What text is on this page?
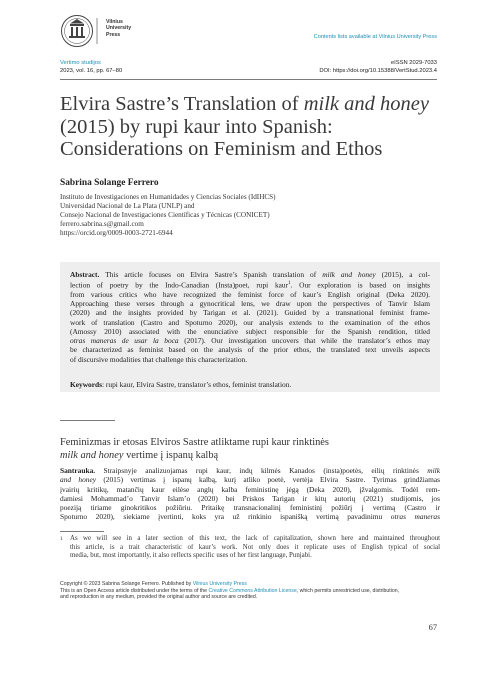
Vilnius
University
Press	Contents lists available at Vilnius University Press
Vertimo studijos
2023, vol. 16, pp. 67–80
eISSN 2029-7033
DOI: https://doi.org/10.15388/VertStud.2023.4
Elvira Sastre’s Translation of milk and honey (2015) by rupi kaur into Spanish:
Considerations on Feminism and Ethos
Sabrina Solange Ferrero
Instituto de Investigaciones en Humanidades y Ciencias Sociales (IdIHCS)
Universidad Nacional de La Plata (UNLP) and
Consejo Nacional de Investigaciones Científicas y Técnicas (CONICET)
ferrero.sabrina.s@gmail.com
https://orcid.org/0009-0003-2721-6944
Abstract. This article focuses on Elvira Sastre’s Spanish translation of milk and honey (2015), a col-
lection of poetry by the Indo-Canadian (Insta)poet, rupi kaur$^1$. Our exploration is based on insights
from various critics who have recognized the feminist force of kaur’s English original (Deka 2020).
Approaching these verses through a gynocritical lens, we draw upon the perspectives of Tanvir Islam
(2020) and the insights provided by Tarigan et al. (2021). Guided by a transnational feminist frame-
work of translation (Castro and Spoturno 2020), our analysis extends to the examination of the ethos
(Amossy 2010) associated with the enunciative subject responsible for the Spanish rendition, titled
otras maneras de usar la boca (2017). Our investigation uncovers that while the translator’s ethos may
be characterized as feminist based on the analysis of the prior ethos, the translated text unveils aspects
of discursive modalities that challenge this characterization.
Keywords: rupi kaur, Elvira Sastre, translator’s ethos, feminist translation.
Feminizmas ir etosas Elviros Sastre atliktame rupi kaur rinktinės
milk and honey vertime į ispanų kalbą
Santrauka. Straipsnyje analizuojamas rupi kaur, indų kilmės Kanados (insta)poetės, eilių rinktinės milk
and honey (2015) vertimas į ispanų kalbą, kurį atliko poetė, vertėja Elvira Sastre. Tyrimas grindžiamas
įvairių kritikų, matančių kaur eilėse anglų kalba feministinę jėgą (Deka 2020), įžvalgomis. Todėl rem-
damiesi Mohammad’o Tanvir Islam’o (2020) bei Priskos Tarigan ir kitų autorių (2021) studijomis, jos
poeziją tiriame ginokritikos požiūriu. Pritaikę transnacionalinį feministinį požiūrį į vertimą (Castro ir
Spoturno 2020), siekiame įvertinti, koks yra už rinkinio ispanišką vertimą pavadinimu otras maneras
1 As we will see in a later section of this text, the lack of capitalization, shown here and maintained throughout
this article, is a trait characteristic of kaur’s work. Not only does it replicate uses of English typical of social
media, but, most importantly, it also reflects specific uses of her first language, Punjabi.
Copyright © 2023 Sabrina Solange Ferrero. Published by Vilnius University Press
This is an Open Access article distributed under the terms of the Creative Commons Attribution License, which permits unrestricted use, distribution,
and reproduction in any medium, provided the original author and source are credited.
67
